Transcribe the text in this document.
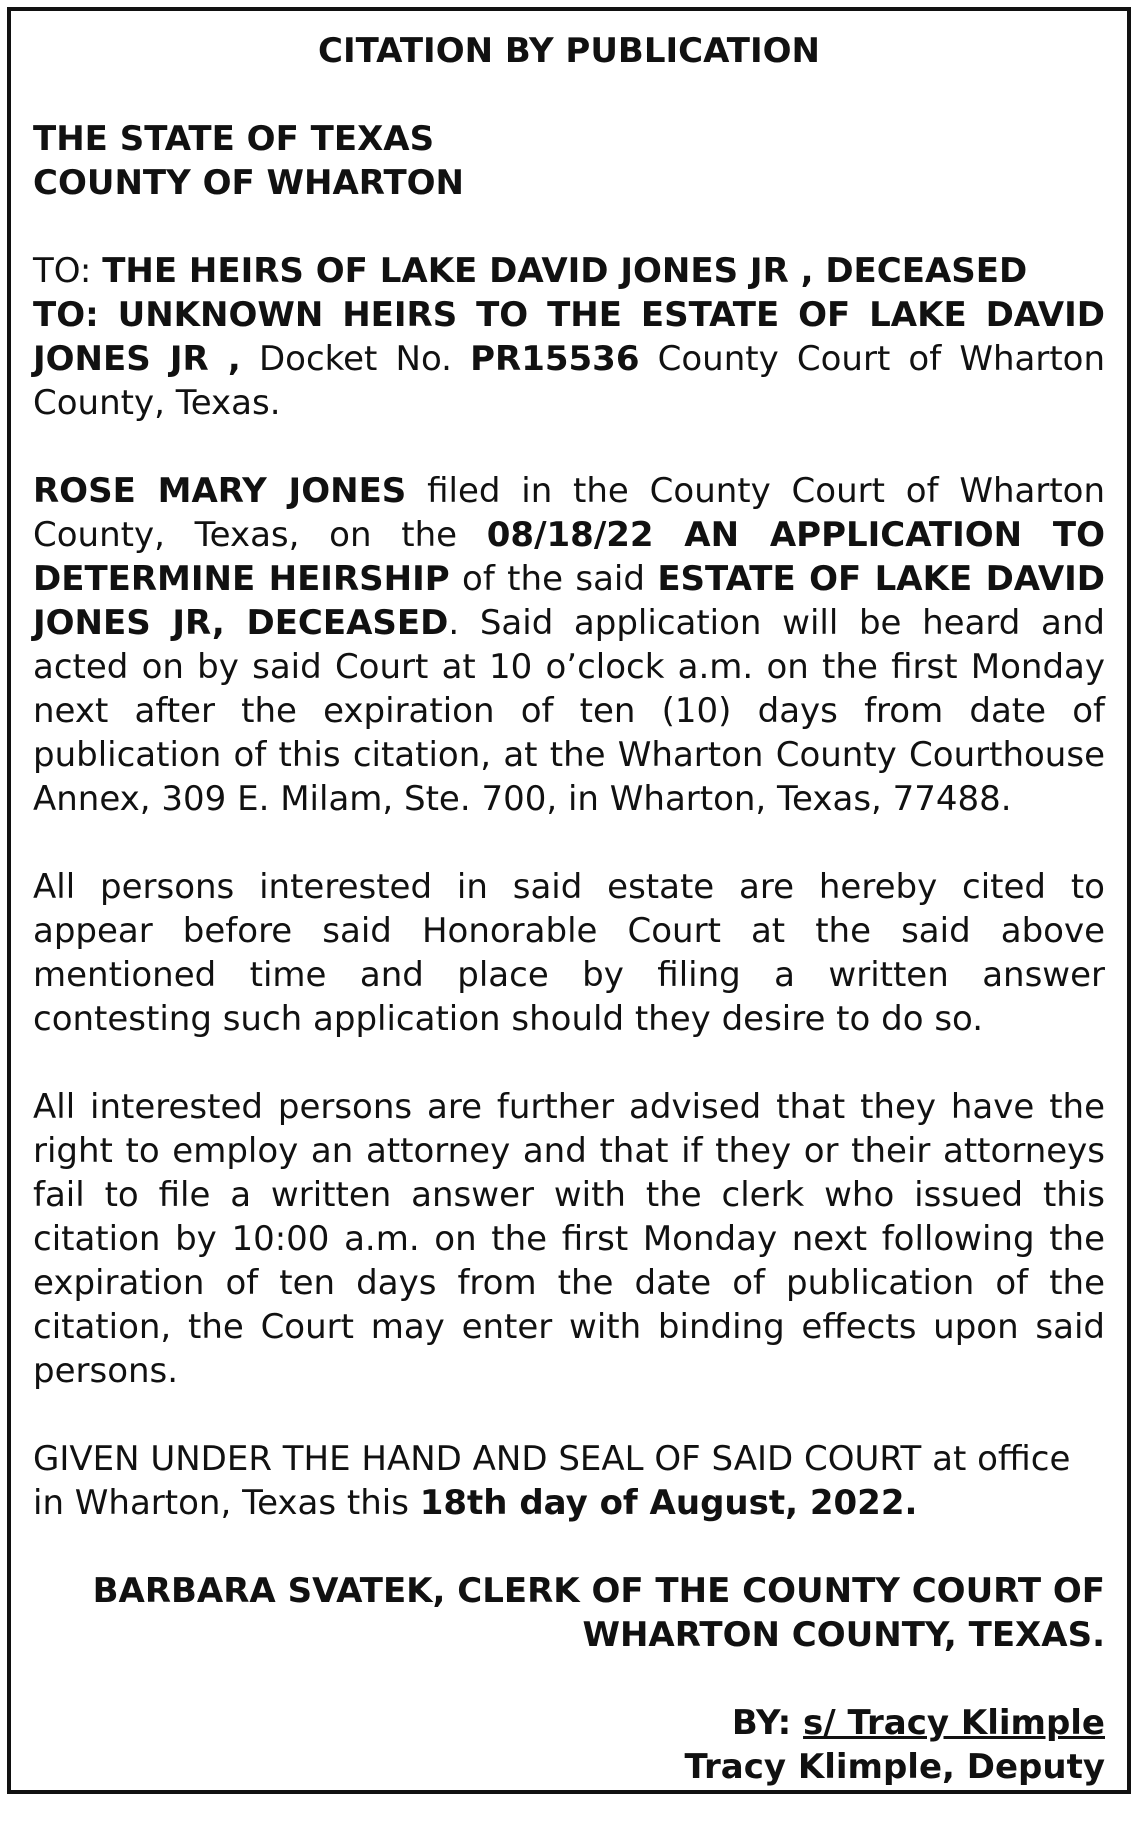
CITATION BY PUBLICATION

THE STATE OF TEXAS
COUNTY OF WHARTON

TO: THE HEIRS OF LAKE DAVID JONES JR , DECEASED
TO: UNKNOWN HEIRS TO THE ESTATE OF LAKE DAVID JONES JR , Docket No. PR15536 County Court of Wharton County, Texas.

ROSE MARY JONES filed in the County Court of Wharton County, Texas, on the 08/18/22 AN APPLICATION TO DETERMINE HEIRSHIP of the said ESTATE OF LAKE DAVID JONES JR, DECEASED. Said application will be heard and acted on by said Court at 10 o’clock a.m. on the first Monday next after the expiration of ten (10) days from date of publication of this citation, at the Wharton County Courthouse Annex, 309 E. Milam, Ste. 700, in Wharton, Texas, 77488.

All persons interested in said estate are hereby cited to appear before said Honorable Court at the said above mentioned time and place by filing a written answer contesting such application should they desire to do so.

All interested persons are further advised that they have the right to employ an attorney and that if they or their attorneys fail to file a written answer with the clerk who issued this citation by 10:00 a.m. on the first Monday next following the expiration of ten days from the date of publication of the citation, the Court may enter with binding effects upon said persons.

GIVEN UNDER THE HAND AND SEAL OF SAID COURT at office in Wharton, Texas this 18th day of August, 2022.

BARBARA SVATEK, CLERK OF THE COUNTY COURT OF
WHARTON COUNTY, TEXAS.

BY: s/ Tracy Klimple
Tracy Klimple, Deputy
